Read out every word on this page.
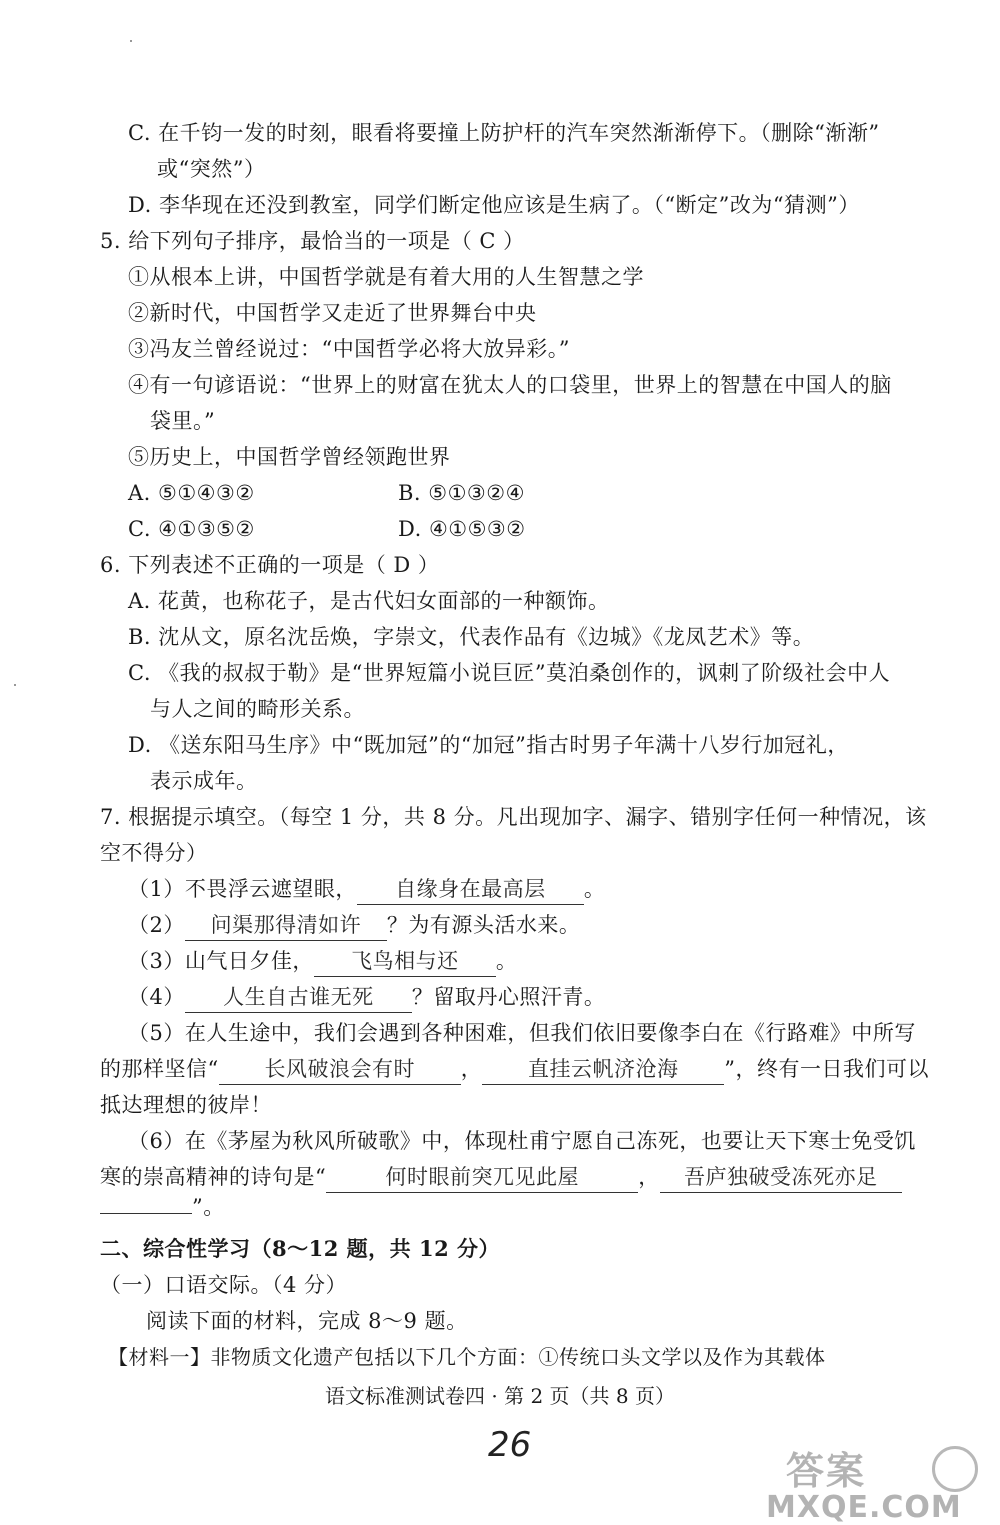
C. 在千钧一发的时刻，眼看将要撞上防护杆的汽车突然渐渐停下。（删除“渐渐”
或“突然”）
D. 李华现在还没到教室，同学们断定他应该是生病了。（“断定”改为“猜测”）
5. 给下列句子排序，最恰当的一项是（ C ）
①从根本上讲，中国哲学就是有着大用的人生智慧之学
②新时代，中国哲学又走近了世界舞台中央
③冯友兰曾经说过：“中国哲学必将大放异彩。”
④有一句谚语说：“世界上的财富在犹太人的口袋里，世界上的智慧在中国人的脑
袋里。”
⑤历史上，中国哲学曾经领跑世界
A. ⑤①④③②	B. ⑤①③②④
C. ④①③⑤②	D. ④①⑤③②
6. 下列表述不正确的一项是（ D ）
A. 花黄，也称花子，是古代妇女面部的一种额饰。
B. 沈从文，原名沈岳焕，字崇文，代表作品有《边城》《龙凤艺术》等。
C. 《我的叔叔于勒》是“世界短篇小说巨匠”莫泊桑创作的，讽刺了阶级社会中人
与人之间的畸形关系。
D. 《送东阳马生序》中“既加冠”的“加冠”指古时男子年满十八岁行加冠礼，
表示成年。
7. 根据提示填空。（每空 1 分，共 8 分。凡出现加字、漏字、错别字任何一种情况，该
空不得分）
（1）不畏浮云遮望眼， 自缘身在最高层 。
（2） 问渠那得清如许 ？为有源头活水来。
（3）山气日夕佳， 飞鸟相与还 。
（4） 人生自古谁无死 ？留取丹心照汗青。
（5）在人生途中，我们会遇到各种困难，但我们依旧要像李白在《行路难》中所写
的那样坚信“ 长风破浪会有时 ， 直挂云帆济沧海 ”，终有一日我们可以
抵达理想的彼岸！
（6）在《茅屋为秋风所破歌》中，体现杜甫宁愿自己冻死，也要让天下寒士免受饥
寒的崇高精神的诗句是“	何时眼前突兀见此屋	， 吾庐独破受冻死亦足
”。
二、综合性学习（8～12 题，共 12 分）
（一）口语交际。（4 分）
阅读下面的材料，完成 8～9 题。
【材料一】非物质文化遗产包括以下几个方面：①传统口头文学以及作为其载体
语文标准测试卷四 · 第 2 页（共 8 页）
26
答案
MXQE.COM
